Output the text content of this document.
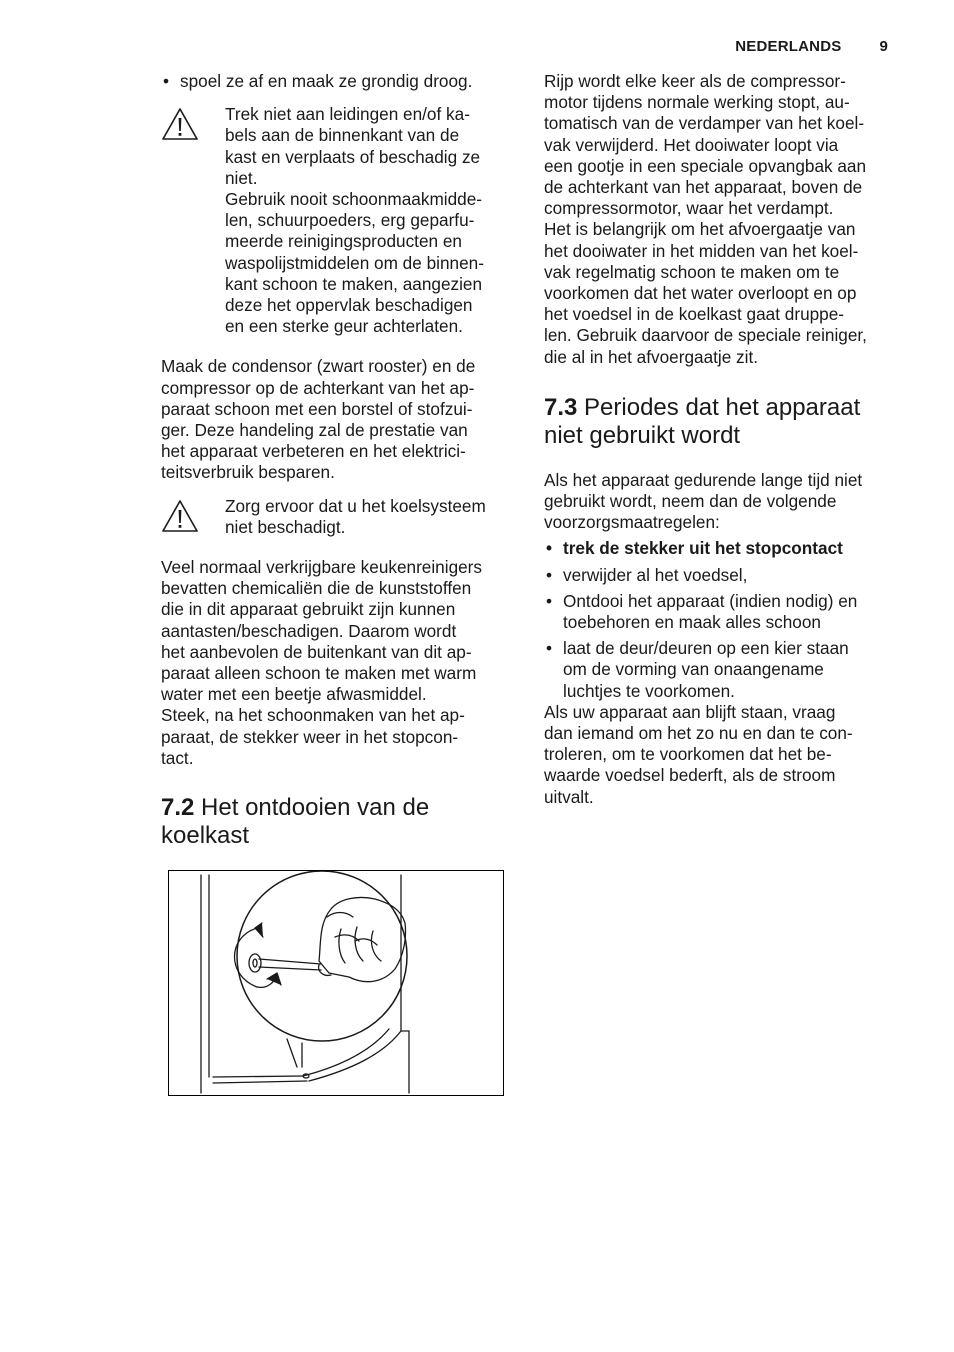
NEDERLANDS	9
• spoel ze af en maak ze grondig droog.

Trek niet aan leidingen en/of ka-

bels aan de binnenkant van de

kast en verplaats of beschadig ze

niet.

Gebruik nooit schoonmaakmidde-

len, schuurpoeders, erg geparfu-

meerde reinigingsproducten en

waspolijstmiddelen om de binnen-

kant schoon te maken, aangezien

deze het oppervlak beschadigen

en een sterke geur achterlaten.

Maak de condensor (zwart rooster) en de

compressor op de achterkant van het ap-

paraat schoon met een borstel of stofzui-

ger. Deze handeling zal de prestatie van

het apparaat verbeteren en het elektrici-

teitsverbruik besparen.

Zorg ervoor dat u het koelsysteem

niet beschadigt.

Veel normaal verkrijgbare keukenreinigers

bevatten chemicaliën die de kunststoffen

die in dit apparaat gebruikt zijn kunnen

aantasten/beschadigen. Daarom wordt

het aanbevolen de buitenkant van dit ap-

paraat alleen schoon te maken met warm

water met een beetje afwasmiddel.

Steek, na het schoonmaken van het ap-

paraat, de stekker weer in het stopcon-

tact.

7.2 Het ontdooien van de
koelkast

Rijp wordt elke keer als de compressor-

motor tijdens normale werking stopt, au-

tomatisch van de verdamper van het koel-

vak verwijderd. Het dooiwater loopt via

een gootje in een speciale opvangbak aan

de achterkant van het apparaat, boven de

compressormotor, waar het verdampt.

Het is belangrijk om het afvoergaatje van

het dooiwater in het midden van het koel-

vak regelmatig schoon te maken om te

voorkomen dat het water overloopt en op

het voedsel in de koelkast gaat druppe-

len. Gebruik daarvoor de speciale reiniger,

die al in het afvoergaatje zit.

7.3 Periodes dat het apparaat
niet gebruikt wordt

Als het apparaat gedurende lange tijd niet

gebruikt wordt, neem dan de volgende

voorzorgsmaatregelen:

• trek de stekker uit het stopcontact
• verwijder al het voedsel,
• Ontdooi het apparaat (indien nodig) en
toebehoren en maak alles schoon
• laat de deur/deuren op een kier staan
om de vorming van onaangename
luchtjes te voorkomen.

Als uw apparaat aan blijft staan, vraag

dan iemand om het zo nu en dan te con-

troleren, om te voorkomen dat het be-

waarde voedsel bederft, als de stroom

uitvalt.
